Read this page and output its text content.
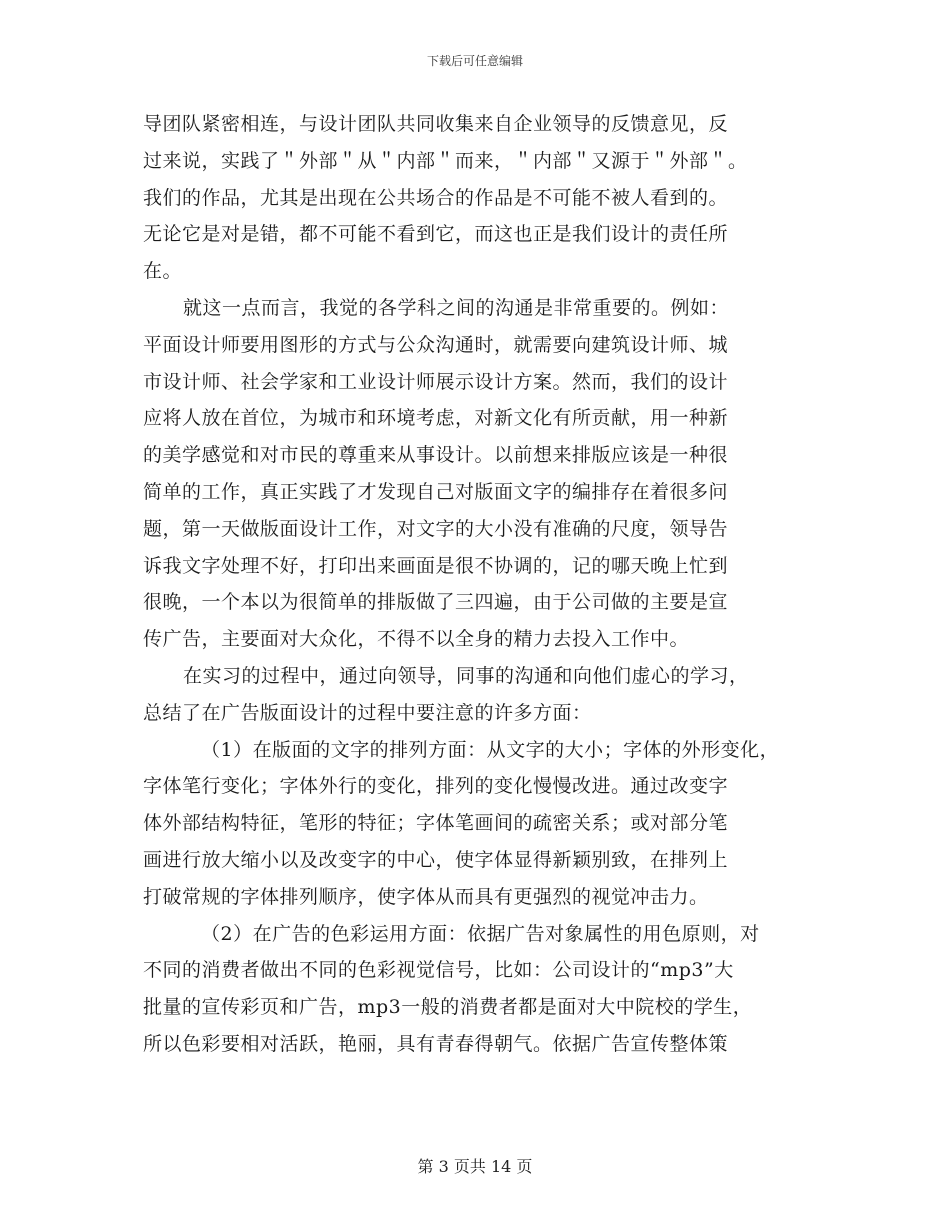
下载后可任意编辑

导团队紧密相连，与设计团队共同收集来自企业领导的反馈意见，反
过来说，实践了＂外部＂从＂内部＂而来，＂内部＂又源于＂外部＂。
我们的作品，尤其是出现在公共场合的作品是不可能不被人看到的。
无论它是对是错，都不可能不看到它，而这也正是我们设计的责任所
在。

就这一点而言，我觉的各学科之间的沟通是非常重要的。例如：
平面设计师要用图形的方式与公众沟通时，就需要向建筑设计师、城
市设计师、社会学家和工业设计师展示设计方案。然而，我们的设计
应将人放在首位，为城市和环境考虑，对新文化有所贡献，用一种新
的美学感觉和对市民的尊重来从事设计。以前想来排版应该是一种很
简单的工作，真正实践了才发现自己对版面文字的编排存在着很多问
题，第一天做版面设计工作，对文字的大小没有准确的尺度，领导告
诉我文字处理不好，打印出来画面是很不协调的，记的哪天晚上忙到
很晚，一个本以为很简单的排版做了三四遍，由于公司做的主要是宣
传广告，主要面对大众化，不得不以全身的精力去投入工作中。

在实习的过程中，通过向领导，同事的沟通和向他们虚心的学习，
总结了在广告版面设计的过程中要注意的许多方面：

（1）在版面的文字的排列方面：从文字的大小；字体的外形变化，
字体笔行变化；字体外行的变化，排列的变化慢慢改进。通过改变字
体外部结构特征，笔形的特征；字体笔画间的疏密关系；或对部分笔
画进行放大缩小以及改变字的中心，使字体显得新颖别致，在排列上
打破常规的字体排列顺序，使字体从而具有更强烈的视觉冲击力。

（2）在广告的色彩运用方面：依据广告对象属性的用色原则，对
不同的消费者做出不同的色彩视觉信号，比如：公司设计的“mp3”大
批量的宣传彩页和广告，mp3一般的消费者都是面对大中院校的学生，
所以色彩要相对活跃，艳丽，具有青春得朝气。依据广告宣传整体策

第 3 页共 14 页
